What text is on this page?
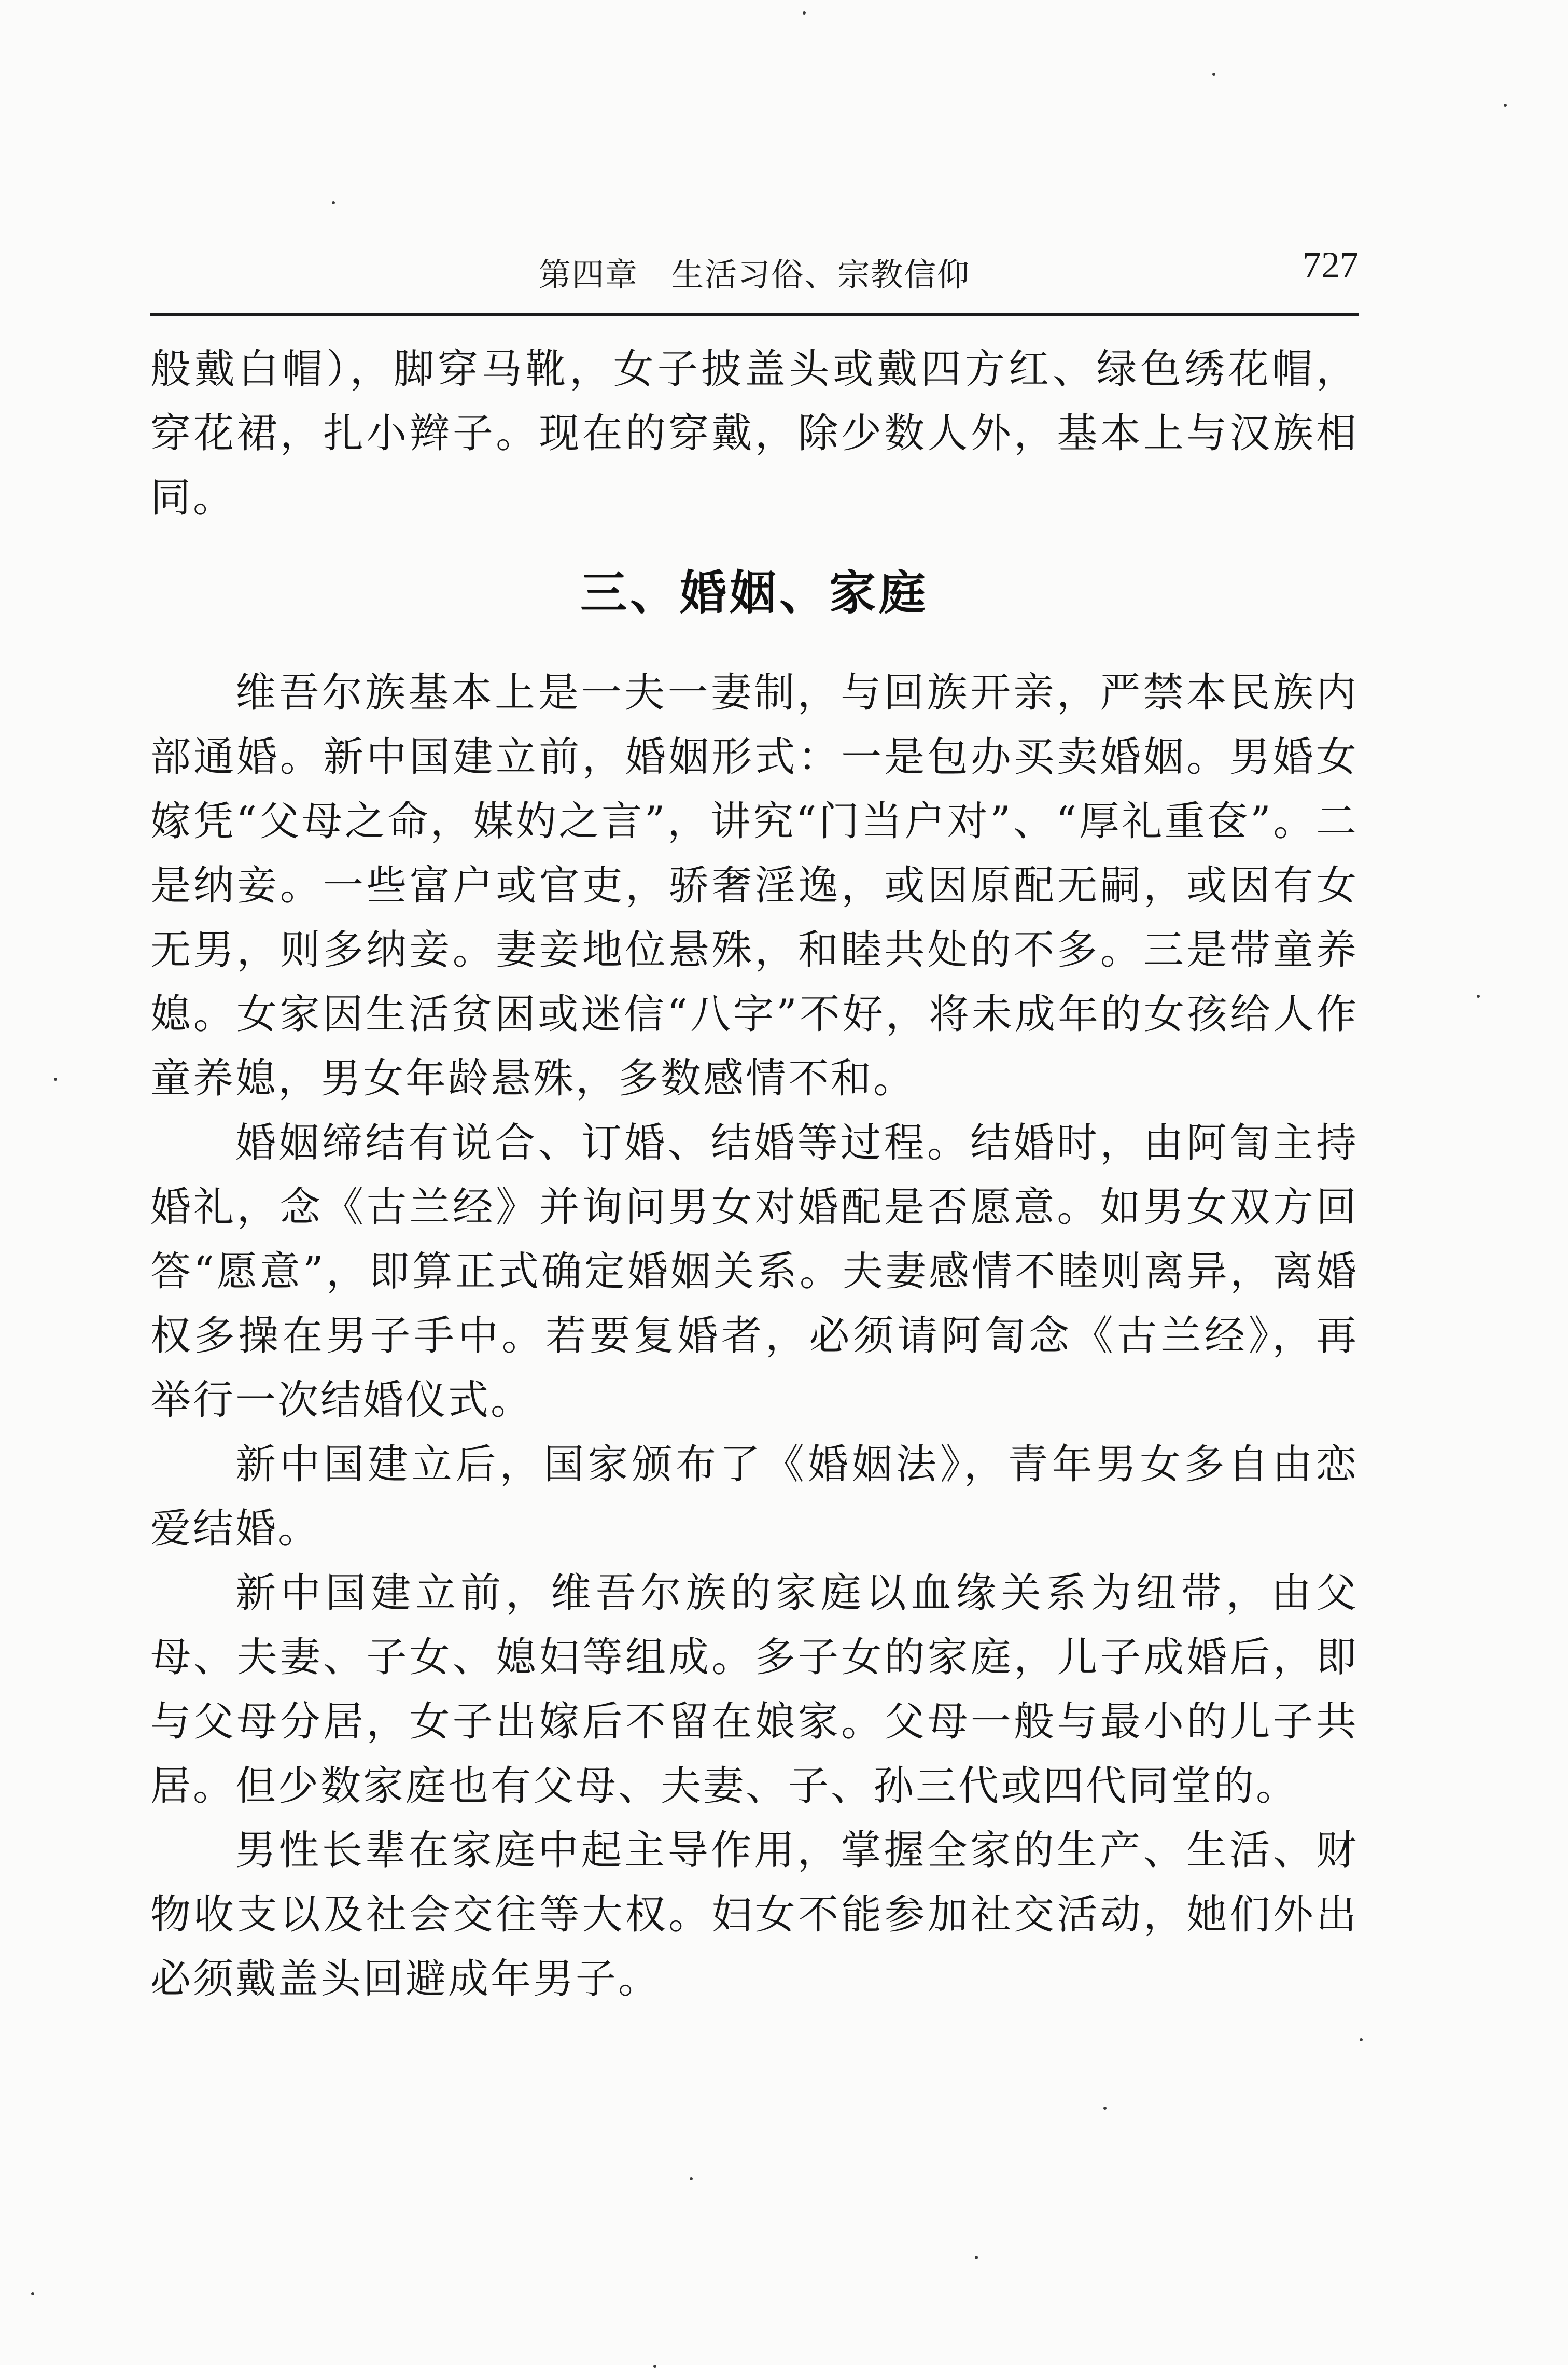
第四章　生活习俗、宗教信仰	727

般戴白帽），脚穿马靴，女子披盖头或戴四方红、绿色绣花帽，穿花裙，扎小辫子。现在的穿戴，除少数人外，基本上与汉族相同。

三、婚姻、家庭

维吾尔族基本上是一夫一妻制，与回族开亲，严禁本民族内部通婚。新中国建立前，婚姻形式：一是包办买卖婚姻。男婚女嫁凭“父母之命，媒妁之言”，讲究“门当户对”、“厚礼重奁”。二是纳妾。一些富户或官吏，骄奢淫逸，或因原配无嗣，或因有女无男，则多纳妾。妻妾地位悬殊，和睦共处的不多。三是带童养媳。女家因生活贫困或迷信“八字”不好，将未成年的女孩给人作童养媳，男女年龄悬殊，多数感情不和。

婚姻缔结有说合、订婚、结婚等过程。结婚时，由阿訇主持婚礼，念《古兰经》并询问男女对婚配是否愿意。如男女双方回答“愿意”，即算正式确定婚姻关系。夫妻感情不睦则离异，离婚权多操在男子手中。若要复婚者，必须请阿訇念《古兰经》，再举行一次结婚仪式。

新中国建立后，国家颁布了《婚姻法》，青年男女多自由恋爱结婚。

新中国建立前，维吾尔族的家庭以血缘关系为纽带，由父母、夫妻、子女、媳妇等组成。多子女的家庭，儿子成婚后，即与父母分居，女子出嫁后不留在娘家。父母一般与最小的儿子共居。但少数家庭也有父母、夫妻、子、孙三代或四代同堂的。

男性长辈在家庭中起主导作用，掌握全家的生产、生活、财物收支以及社会交往等大权。妇女不能参加社交活动，她们外出必须戴盖头回避成年男子。
